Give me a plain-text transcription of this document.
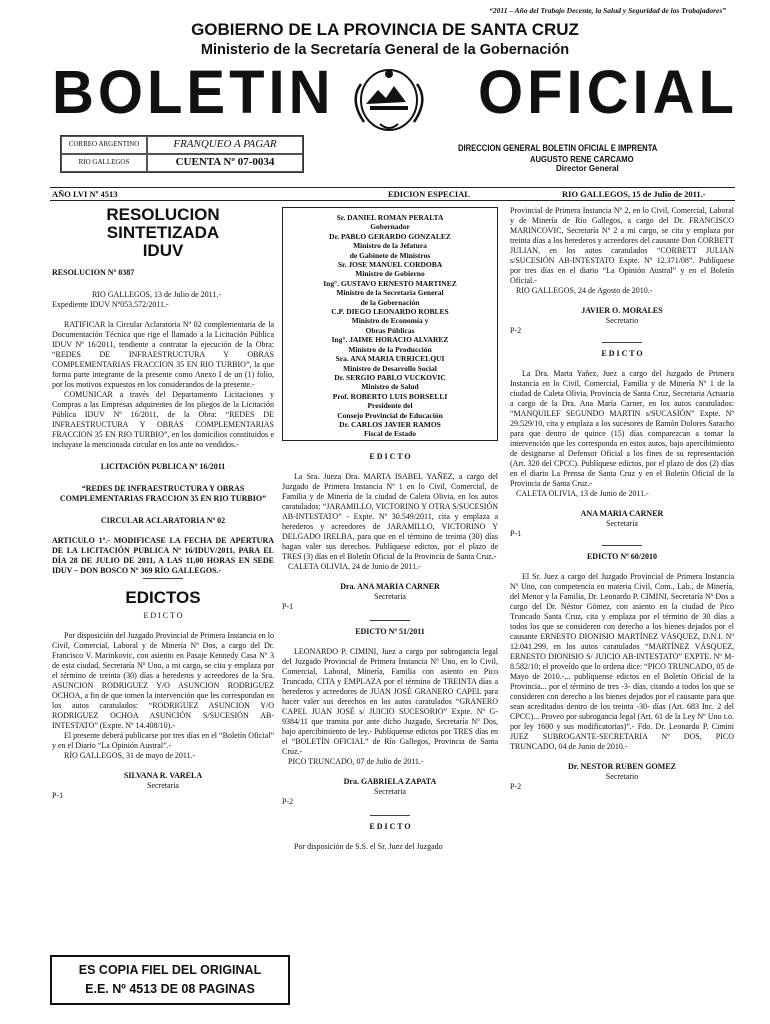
“2011 – Año del Trabajo Decente, la Salud y Seguridad de los Trabajadores”
GOBIERNO DE LA PROVINCIA DE SANTA CRUZ
Ministerio de la Secretaría General de la Gobernación
BOLETIN OFICIAL
CORREO ARGENTINO	FRANQUEO A PAGAR
RIO GALLEGOS	CUENTA Nº 07-0034
DIRECCION GENERAL BOLETIN OFICIAL E IMPRENTA
AUGUSTO RENE CARCAMO
Director General
AÑO LVI Nº 4513	EDICION ESPECIAL	RIO GALLEGOS, 15 de Julio de 2011.-
RESOLUCION
SINTETIZADA
IDUV

RESOLUCION Nº 0387

RIO GALLEGOS, 13 de Julio de 2011.-

Expediente IDUV Nº053.572/2011.-

RATIFICAR la Circular Aclaratoria Nº 02 complementaria de la Documentación Técnica que rige el llamado a la Licitación Pública IDUV Nº 16/2011, tendiente a contratar la ejecución de la Obra: “REDES DE INFRAESTRUCTURA Y OBRAS COMPLEMENTARIAS FRACCION 35 EN RIO TURBIO”, la que forma parte integrante de la presente como Anexo I de un (1) folio, por los motivos expuestos en los considerandos de la presente.-

COMUNICAR a través del Departamento Licitaciones y Compras a las Empresas adquirentes de los pliegos de la Licitación Pública IDUV Nº 16/2011, de la Obra: “REDES DE INFRAESTRUCTURA Y OBRAS COMPLEMENTARIAS FRACCION 35 EN RIO TURBIO”, en los domicilios constituidos e incluyase la mencionada circular en los ante no vendidos.-

LICITACIÓN PUBLICA Nº 16/2011

“REDES DE INFRAESTRUCTURA Y OBRAS COMPLEMENTARIAS FRACCION 35 EN RIO TURBIO”

CIRCULAR ACLARATORIA Nº 02

ARTICULO 1º.- MODIFICASE LA FECHA DE APERTURA DE LA LICITACIÓN PUBLICA Nº 16/IDUV/2011, PARA EL DÍA 28 DE JULIO DE 2011, A LAS 11,00 HORAS EN SEDE IDUV – DON BOSCO Nº 369 RÍO GALLEGOS.-

EDICTOS

E D I C T O

Por disposición del Juzgado Provincial de Primera Instancia en lo Civil, Comercial, Laboral y de Minería Nº Dos, a cargo del Dr. Francisco V. Marinkovic, con asiento en Pasaje Kennedy Casa Nº 3 de esta ciudad, Secretaría Nº Uno, a mi cargo, se cita y emplaza por el término de treinta (30) días a herederos y acreedores de la Sra. ASUNCION RODRIGUEZ Y/O ASUNCION RODRIGUEZ OCHOA, a fin de que tomen la intervención que les correspondan en los autos caratulados: “RODRIGUEZ ASUNCION Y/O RODRIGUEZ OCHOA ASUNCIÓN S/SUCESIÓN AB-INTESTATO” (Expte. Nº 14.408/10).-

El presente deberá publicarse por tres días en el “Boletín Oficial” y en el Diario “La Opinión Austral”.-

RÍO GALLEGOS, 31 de mayo de 2011.-

SILVANA R. VARELA

Secretaria

P-1

Sr. DANIEL ROMAN PERALTA
Gobernador
Dr. PABLO GERARDO GONZALEZ
Ministro de la Jefatura
de Gabinete de Ministros
Sr. JOSE MANUEL CORDOBA
Ministro de Gobierno
Ing°. GUSTAVO ERNESTO MARTINEZ
Ministro de la Secretaría General
de la Gobernación
C.P. DIEGO LEONARDO ROBLES
Ministro de Economía y
Obras Públicas
Ing°. JAIME HORACIO ALVAREZ
Ministro de la Producción
Sra. ANA MARIA URRICELQUI
Ministro de Desarrollo Social
Dr. SERGIO PABLO VUCKOVIC
Ministro de Salud
Prof. ROBERTO LUIS BORSELLI
Presidente del
Consejo Provincial de Educación
Dr. CARLOS JAVIER RAMOS
Fiscal de Estado

E D I C T O

La Sra. Jueza Dra. MARTA ISABEL YAÑEZ, a cargo del Juzgado de Primera Instancia Nº 1 en lo Civil, Comercial, de Familia y de Minería de la ciudad de Caleta Olivia, en los autos caratulados: “JARAMILLO, VICTORINO Y OTRA S/SUCESIÓN AB-INTESTATO” - Expte. Nº 30.549/2011, cita y emplaza a herederos y acreedores de JARAMILLO, VICTORINO Y DELGADO IRELBA, para que en el término de treinta (30) días hagan valer sus derechos. Publíquese edictos, por el plazo de TRES (3) días en el Boletín Oficial de la Provincia de Santa Cruz.-

CALETA OLIVIA, 24 de Junio de 2011.-

Dra. ANA MARIA CARNER

Secretaria

P-1

EDICTO Nº 51/2011

LEONARDO P. CIMINI, Juez a cargo por subrogancia legal del Juzgado Provincial de Primera Instancia Nº Uno, en lo Civil, Comercial, Laboral, Minería, Familia con asiento en Pico Truncado, CITA y EMPLAZA por el término de TREINTA días a herederos y acreedores de JUAN JOSÉ GRANERO CAPEL para hacer valer sus derechos en los autos caratulados “GRANERO CAPEL JUAN JOSÉ s/ JUICIO SUCESORIO” Expte. Nº G-9384/11 que tramita por ante dicho Juzgado, Secretaría Nº Dos, bajo apercibimiento de ley.- Publíquense edictos por TRES días en el “BOLETÍN OFICIAL” de Río Gallegos, Provincia de Santa Cruz.-

PICO TRUNCADO, 07 de Julio de 2011.-

Dra. GABRIELA ZAPATA

Secretaria

P-2

E D I C T O

Por disposición de S.S. el Sr. Juez del Juzgado

Provincial de Primera Instancia Nº 2, en lo Civil, Comercial, Laboral y de Minería de Río Gallegos, a cargo del Dr. FRANCISCO MARINCOVIC, Secretaría Nº 2 a mi cargo, se cita y emplaza por treinta días a los herederos y acreedores del causante Don CORBETT JULIAN, en los autos caratulados “CORBETT JULIAN s/SUCESIÓN AB-INTESTATO Expte. Nº 12.371/08”. Publíquese por tres días en el diario “La Opinión Austral” y en el Boletín Oficial.-

RIO GALLEGOS, 24 de Agosto de 2010.-

JAVIER O. MORALES

Secretario

P-2

E D I C T O

La Dra. Marta Yañez, Juez a cargo del Juzgado de Primera Instancia en lo Civil, Comercial, Familia y de Minería Nº 1 de la ciudad de Caleta Olivia, Provincia de Santa Cruz, Secretaria Actuaria a cargo de la Dra. Ana María Carner, en los autos caratulados: “MANQUILEF SEGUNDO MARTIN s/SUCASIÓN” Expte. Nº 29.529/10, cita y emplaza a los sucesores de Ramón Dolores Saracho para que dentro de quince (15) días comparezcan a tomar la intervención que les corresponda en estos autos, bajo apercibimiento de designarse al Defensor Oficial a los fines de su representación (Art. 320 del CPCC). Publíquese edictos, por el plazo de dos (2) días en el diario La Prensa de Santa Cruz y en el Boletín Oficial de la Provincia de Santa Cruz.-

CALETA OLIVIA, 13 de Junio de 2011.-

ANA MARIA CARNER

Secretaria

P-1

EDICTO Nº 60/2010

El Sr. Juez a cargo del Juzgado Provincial de Primera Instancia Nº Uno, con competencia en materia Civil, Com., Lab., de Minería, del Menor y la Familia, Dr. Leonardo P. CIMINI, Secretaría Nº Dos a cargo del Dr. Néstor Gómez, con asiento en la ciudad de Pico Truncado Santa Cruz, cita y emplaza por el término de 30 días a todos los que se consideren con derecho a los bienes dejados por el causante ERNESTO DIONISIO MARTÍNEZ VÁSQUEZ, D.N.I. Nº 12.041.299, en los autos caratulados “MARTÍNEZ VÁSQUEZ, ERNESTO DIONISIO S/ JUICIO AB-INTESTATO” EXPTE. Nº M-8.582/10; el proveído que lo ordena dice: “PICO TRUNCADO, 05 de Mayo de 2010.-... publíquense edictos en el Boletín Oficial de la Provincia... por el término de tres -3- días, citando a todos los que se consideren con derecho a los bienes dejados por el causante para que sean acreditados dentro de los treinta -30- días (Art. 683 Inc. 2 del CPCC)... Proveo por subrogancia legal (Art. 61 de la Ley Nº Uno t.o. por ley 1600 y sus modificatorias)”.- Fdo. Dr. Leonardo P. Cimini JUEZ SUBROGANTE-SECRETARIA Nº DOS, PICO TRUNCADO, 04 de Junio de 2010.-

Dr. NESTOR RUBEN GOMEZ

Secretario

P-2

ES COPIA FIEL DEL ORIGINAL
E.E. Nº 4513 DE 08 PAGINAS
